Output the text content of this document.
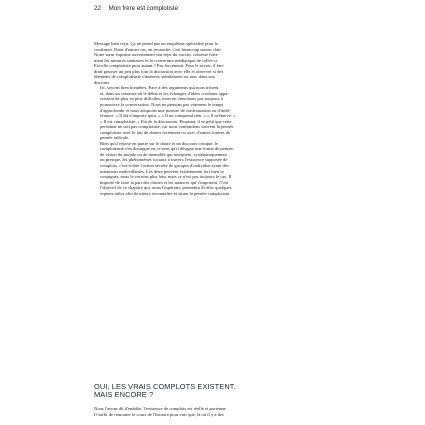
22 Mon frère est complotiste

Message bien reçu. Ça ne prend pas un enquêteur spécialisé pour le
confirmer. Dans d'autres cas, en revanche, c'est beaucoup moins clair.
Notre sœur exprime ouvertement son rejet du vaccin, conteste forte-
ment les mesures sanitaires et la couverture médiatique de celles-ci.
Est-elle complotiste pour autant ? Pas forcément. Pour le savoir, il fau-
drait pousser un peu plus loin la discussion avec elle et observer si des
éléments de complotisme s'insèrent, subtilement ou non, dans son
discours.

Or, soyons bien honnêtes. Face à des arguments qui nous irritent
et, dans un contexte où le débat et les échanges d'idées cordiaux appa-
raissent de plus en plus difficiles, nous ne cherchons pas toujours à
poursuivre la conversation. Nous ne prenons pas vraiment le temps
d'approfondir et nous adoptons une posture de confrontation ou d'indif-
férence. « Il dit n'importe quoi. » « Il ne comprend rien. » « Il m'énerve. »
« Il est complotiste. » Fin de la discussion. Pourtant, il se peut que cette
personne ne soit pas complotiste, car nous confondons souvent la pensée
complotiste avec le fait de douter fortement ou avec d'autres formes de
pensée radicale.

Bien qu'il repose en partie sur le doute et un discours critique, le
complotisme s'en distingue en ce sens qu'il désigne une forme de pensée,
de vision du monde ou de mentalité qui interprète, systématiquement
ou presque, les phénomènes sociaux à travers l'existence supposée de
complots, c'est-à-dire l'action secrète de groupes d'individus ayant des
intentions malveillantes. Les deux peuvent évidemment fort bien se
conjuguer, nous le verrons plus loin, mais ce n'est pas toujours le cas. Il
importe de faire la part des choses et les nuances qui s'imposent. C'est
l'objectif de ce chapitre qui, nous l'espérons, permettra d'offrir quelques
repères utiles afin de mieux reconnaître et situer la pensée complotiste.

OUI, LES VRAIS COMPLOTS EXISTENT.
MAIS ENCORE ?
Nous l'avons dit d'emblée, l'existence de complots est réelle et ancienne.
Il suffit de remonter le cours de l'histoire pour voir que, là où il y a des
